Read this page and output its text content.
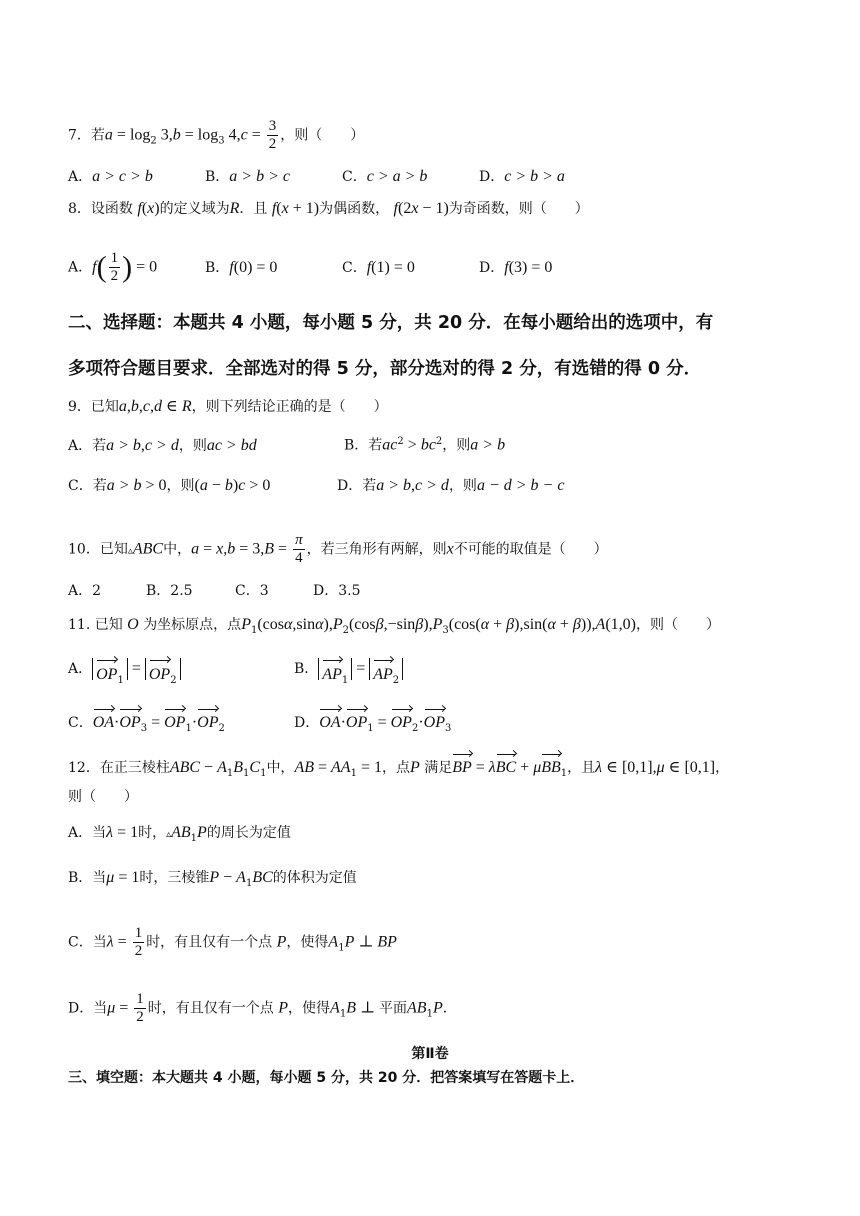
7．若$a = \log_2 3,b = \log_3 4,c = \frac{3}{2}$ ，则（　　）
A．a > c > b	B．a > b > c	C．c > a > b	D．c > b > a
8．设函数 f(x)的定义域为R．且 f(x + 1)为偶函数， f(2x − 1)为奇函数，则（　　）
A．$f( \frac{1}{2}$ ) = 0	B．f(0) = 0	C．f(1) = 0	D．f(3) = 0
二、选择题：本题共 4 小题，每小题 5 分，共 20 分．在每小题给出的选项中，有
多项符合题目要求．全部选对的得 5 分，部分选对的得 2 分，有选错的得 0 分．
9．已知a,b,c,d ∈ R，则下列结论正确的是（　　）
A．若a > b,c > d，则ac > bd	B．若$ac^2 > bc^2$，则a > b
C．若a > b > 0，则(a − b)c > 0	D．若a > b,c > d，则a − d > b − c
10．已知▵ABC中，$a = x,b = 3,B = \frac{\pi}{4}$ ，若三角形有两解，则x不可能的取值是（　　）
A．2	B．2.5	C．3	D．3.5
11. 已知 O 为坐标原点，点$P_1(\cos\alpha,\sin\alpha),P_2(\cos\beta,-\sin\beta),P_3(\cos(\alpha + \beta),\sin(\alpha + \beta)),A(1,0)$，则（　　）
A． $OP_1 = OP_2B$． $AP_1 = AP_2$
C．$OA\cdot OP_3 = OP_1\cdot OP_2$	D．$OA\cdot OP_1 = OP_2\cdot OP_3$
12．在正三棱柱ABC − $A_1B_1C_1$中，AB = $AA_1 = 1$，点P 满足BP = λBC + μBB$_1$，且λ ∈ [0,1],μ ∈ [0,1]，
则（　　）
A．当λ = 1时，$▵AB_1P$的周长为定值
B．当μ = 1时，三棱锥$P - A_1BC$的体积为定值
C．当$\lambda = \frac{1}{2}$ 时，有且仅有一个点 P，使得$A_1P$ ⊥ BP
D．当$\mu = \frac{1}{2}$ 时，有且仅有一个点 P，使得$A_1B$ ⊥ 平面$AB_1P$．
第Ⅱ卷
三、填空题：本大题共 4 小题，每小题 5 分，共 20 分．把答案填写在答题卡上．
